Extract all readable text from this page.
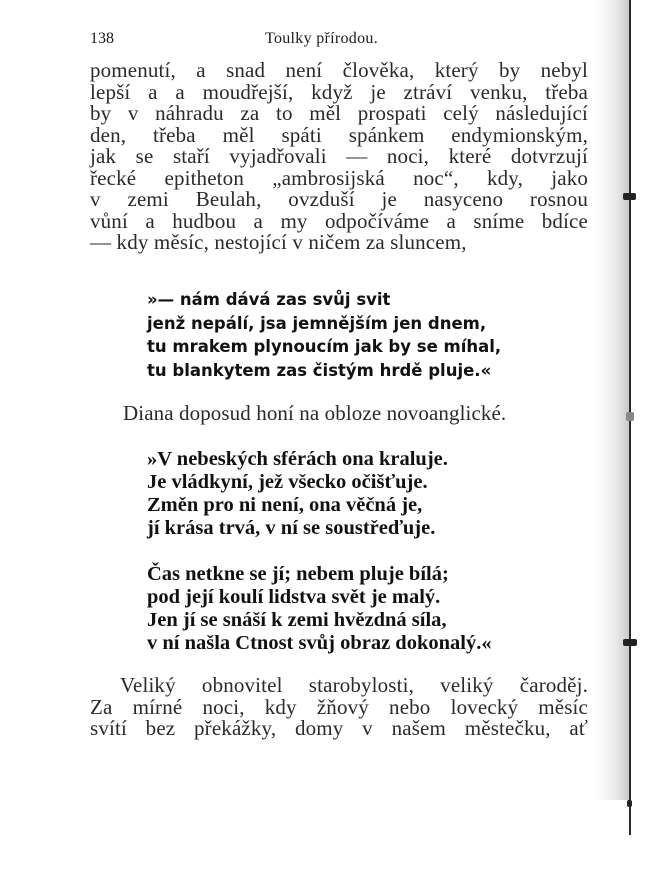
138	Toulky přírodou.
pomenutí, a snad není člověka, který by nebyl
lepší a a moudřejší, když je ztráví venku, třeba
by v náhradu za to měl prospati celý následující
den, třeba měl spáti spánkem endymionským,
jak se staří vyjadřovali — noci, které dotvrzují
řecké epitheton „ambrosijská noc“, kdy, jako
v zemi Beulah, ovzduší je nasyceno rosnou
vůní a hudbou a my odpočíváme a sníme bdíce
— kdy měsíc, nestojící v ničem za sluncem,
»— nám dává zas svůj svit
jenž nepálí, jsa jemnějším jen dnem,
tu mrakem plynoucím jak by se míhal,
tu blankytem zas čistým hrdě pluje.«
Diana doposud honí na obloze novoanglické.
»V nebeských sférách ona kraluje.
Je vládkyní, jež všecko očišťuje.
Změn pro ni není, ona věčná je,
jí krása trvá, v ní se soustřeďuje.
Čas netkne se jí; nebem pluje bílá;
pod její koulí lidstva svět je malý.
Jen jí se snáší k zemi hvězdná síla,
v ní našla Ctnost svůj obraz dokonalý.«
Veliký obnovitel starobylosti, veliký čaroděj.
Za mírné noci, kdy žňový nebo lovecký měsíc
svítí bez překážky, domy v našem městečku, ať
